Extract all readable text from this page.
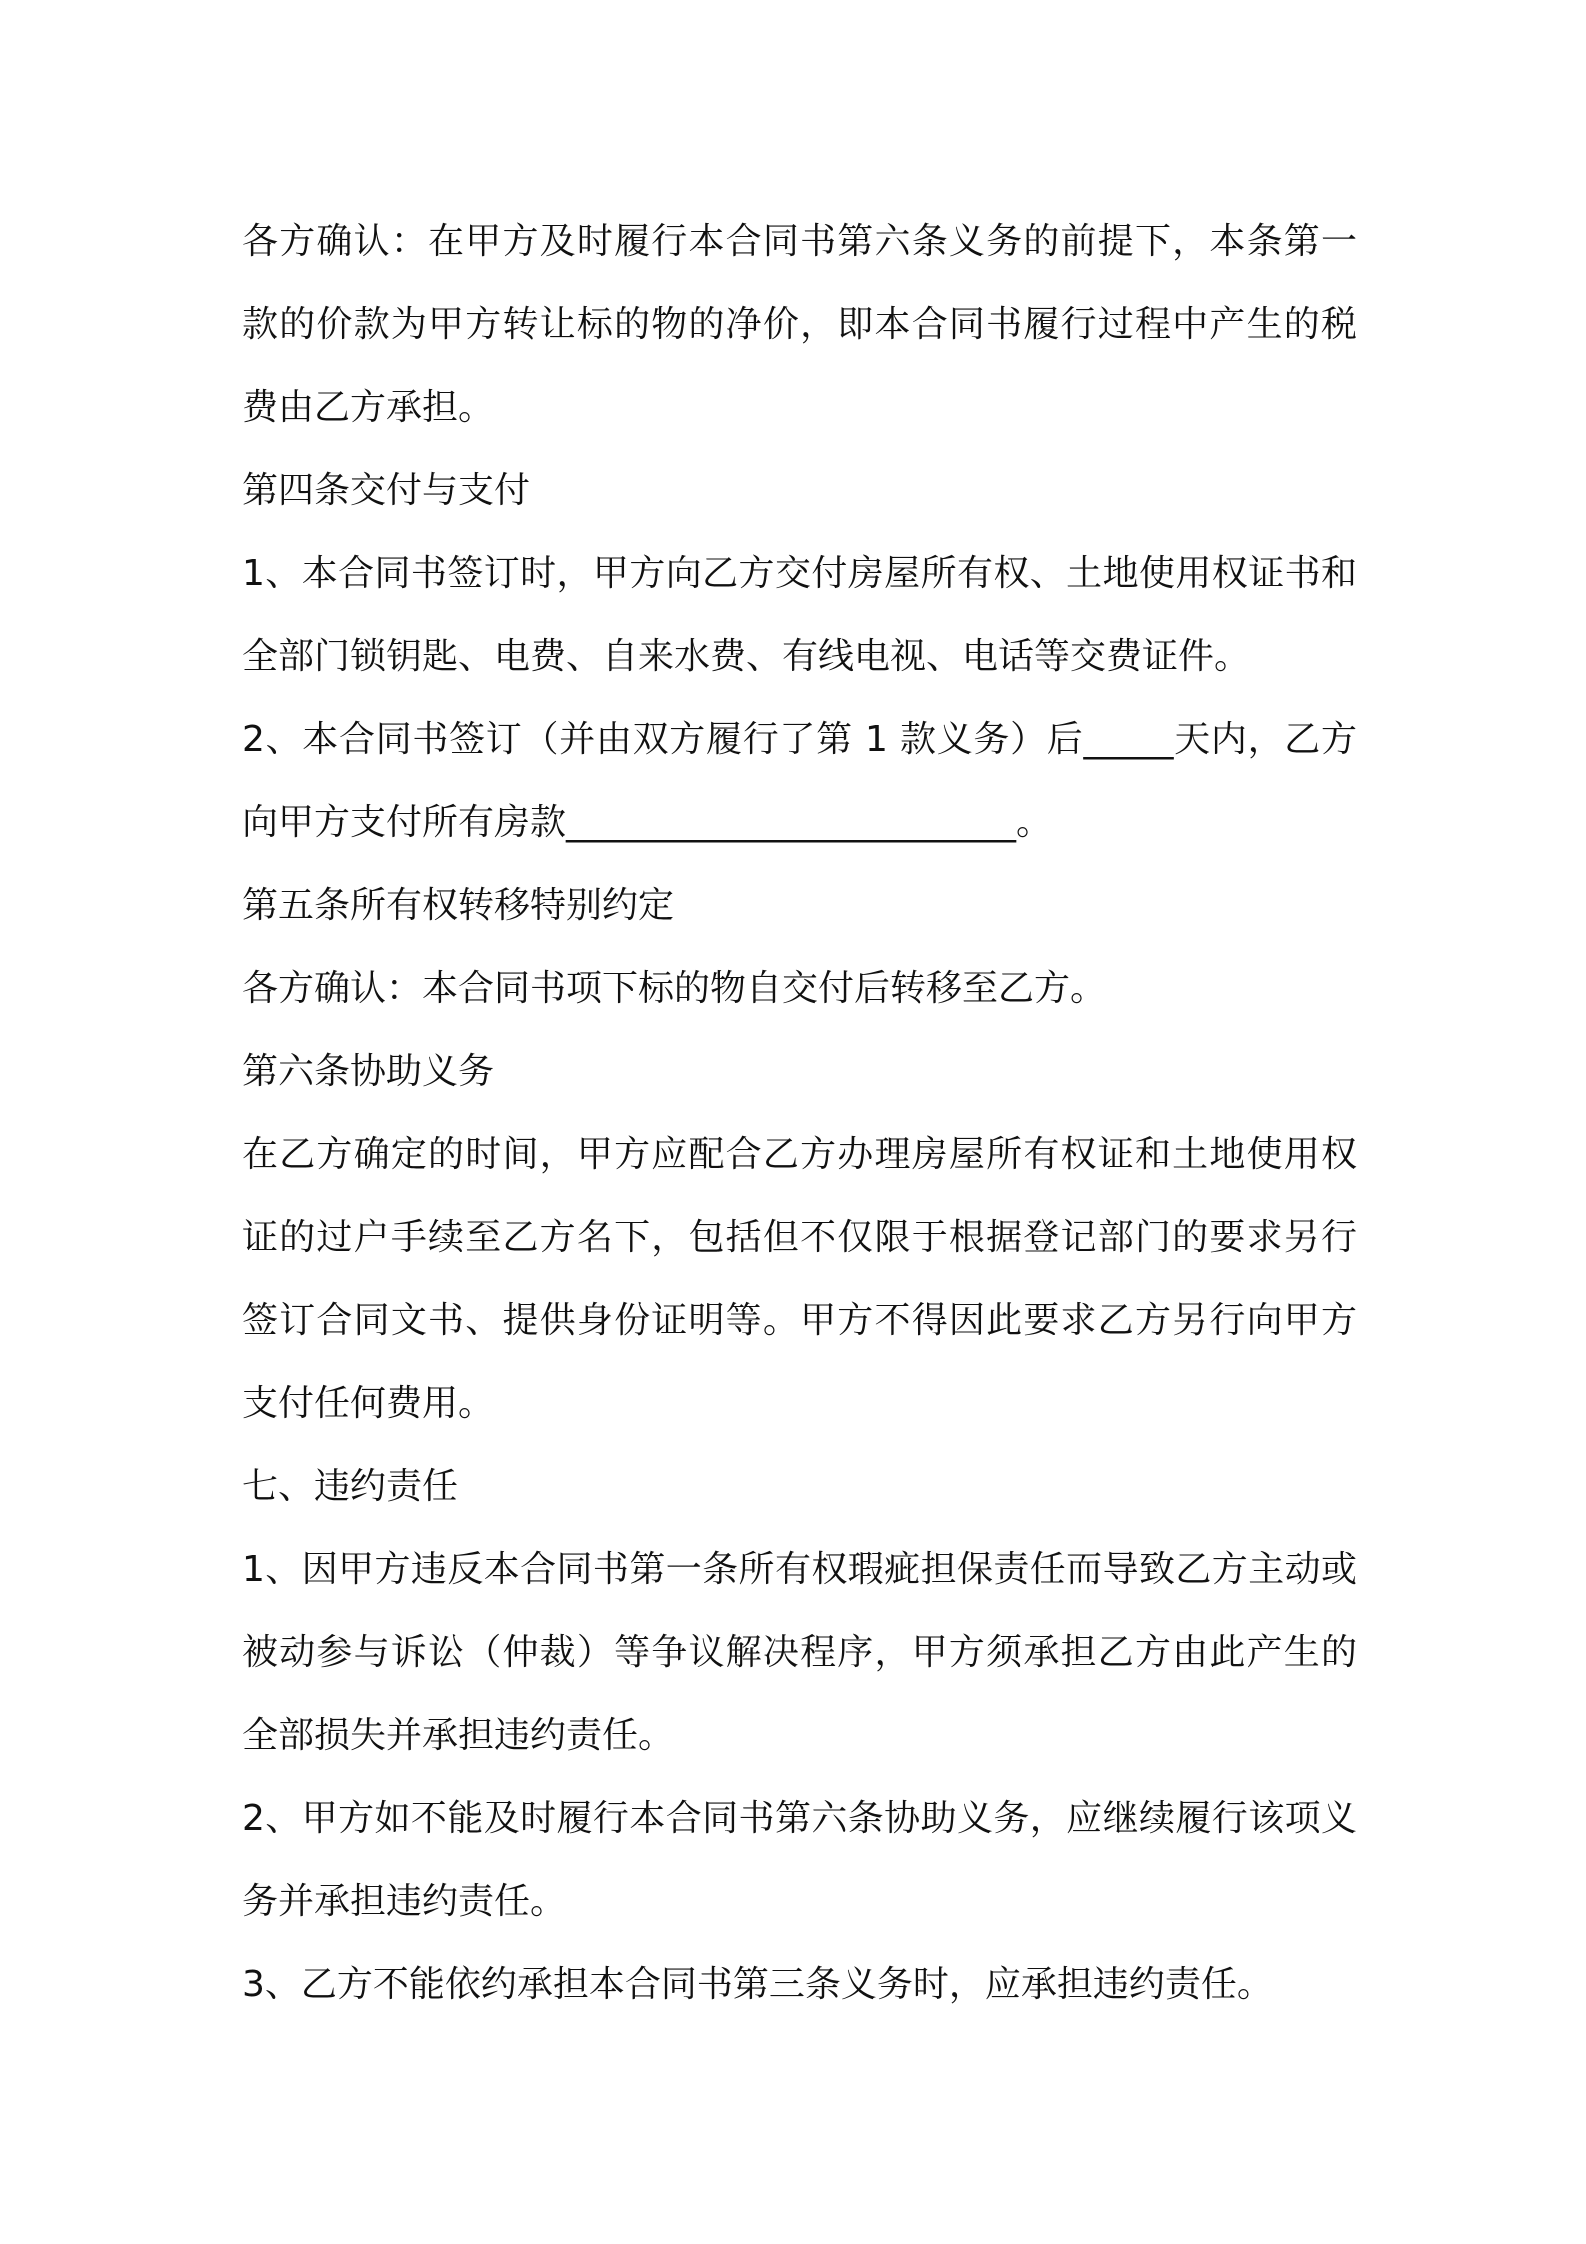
各方确认：在甲方及时履行本合同书第六条义务的前提下，本条第一款的价款为甲方转让标的物的净价，即本合同书履行过程中产生的税费由乙方承担。

第四条交付与支付

1、本合同书签订时，甲方向乙方交付房屋所有权、土地使用权证书和全部门锁钥匙、电费、自来水费、有线电视、电话等交费证件。

2、本合同书签订（并由双方履行了第 1 款义务）后_____天内，乙方向甲方支付所有房款_________________________。

第五条所有权转移特别约定

各方确认：本合同书项下标的物自交付后转移至乙方。

第六条协助义务

在乙方确定的时间，甲方应配合乙方办理房屋所有权证和土地使用权证的过户手续至乙方名下，包括但不仅限于根据登记部门的要求另行签订合同文书、提供身份证明等。甲方不得因此要求乙方另行向甲方支付任何费用。

七、违约责任

1、因甲方违反本合同书第一条所有权瑕疵担保责任而导致乙方主动或被动参与诉讼（仲裁）等争议解决程序，甲方须承担乙方由此产生的全部损失并承担违约责任。

2、甲方如不能及时履行本合同书第六条协助义务，应继续履行该项义务并承担违约责任。

3、乙方不能依约承担本合同书第三条义务时，应承担违约责任。
